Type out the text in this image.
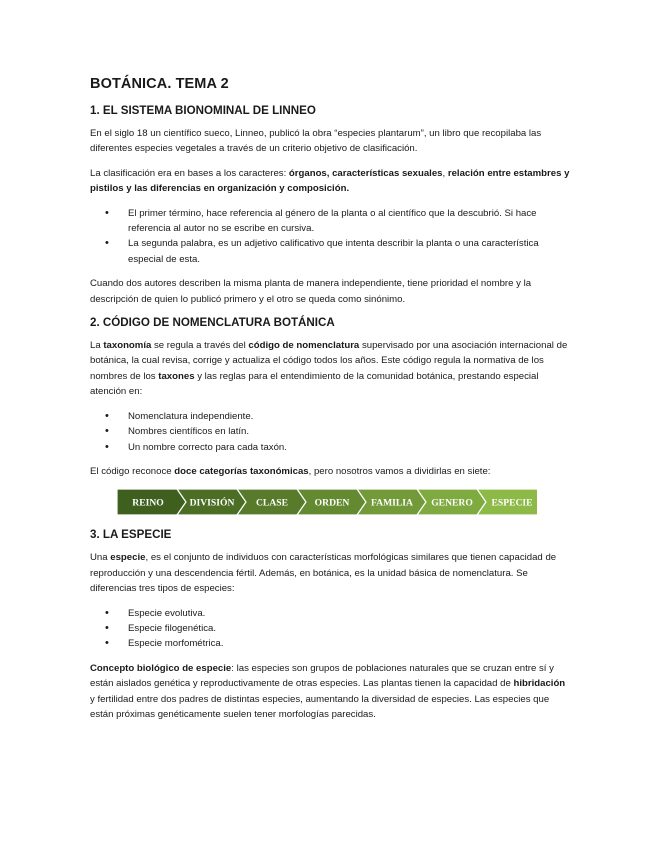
BOTÁNICA. TEMA 2
1. EL SISTEMA BIONOMINAL DE LINNEO

En el siglo 18 un científico sueco, Linneo, publicó la obra “especies plantarum”, un libro que recopilaba las diferentes especies vegetales a través de un criterio objetivo de clasificación.

La clasificación era en bases a los caracteres: órganos, características sexuales, relación entre estambres y pistilos y las diferencias en organización y composición.

• El primer término, hace referencia al género de la planta o al científico que la descubrió. Si hace referencia al autor no se escribe en cursiva.
• La segunda palabra, es un adjetivo calificativo que intenta describir la planta o una característica especial de esta.

Cuando dos autores describen la misma planta de manera independiente, tiene prioridad el nombre y la descripción de quien lo publicó primero y el otro se queda como sinónimo.

2. CÓDIGO DE NOMENCLATURA BOTÁNICA

La taxonomía se regula a través del código de nomenclatura supervisado por una asociación internacional de botánica, la cual revisa, corrige y actualiza el código todos los años. Este código regula la normativa de los nombres de los taxones y las reglas para el entendimiento de la comunidad botánica, prestando especial atención en:

• Nomenclatura independiente.
• Nombres científicos en latín.
• Un nombre correcto para cada taxón.

El código reconoce doce categorías taxonómicas, pero nosotros vamos a dividirlas en siete:

REINO	DIVISIÓN CLASE	ORDEN FAMILIA GENERO ESPECIE
3. LA ESPECIE

Una especie, es el conjunto de individuos con características morfológicas similares que tienen capacidad de reproducción y una descendencia fértil. Además, en botánica, es la unidad básica de nomenclatura. Se diferencias tres tipos de especies:

• Especie evolutiva.
• Especie filogenética.
• Especie morfométrica.

Concepto biológico de especie: las especies son grupos de poblaciones naturales que se cruzan entre sí y están aislados genética y reproductivamente de otras especies. Las plantas tienen la capacidad de hibridación y fertilidad entre dos padres de distintas especies, aumentando la diversidad de especies. Las especies que están próximas genéticamente suelen tener morfologías parecidas.
